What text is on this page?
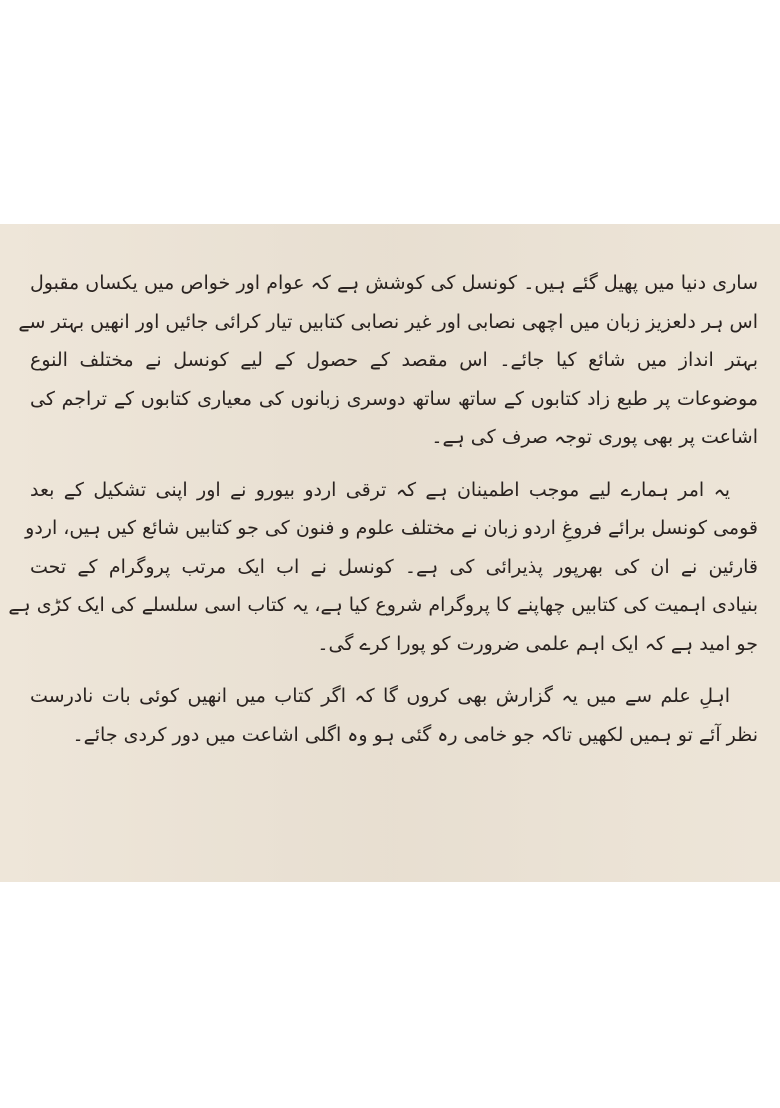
ساری دنیا میں پھیل گئے ہیں۔ کونسل کی کوشش ہے کہ عوام اور خواص میں یکساں مقبول
اس ہر دلعزیز زبان میں اچھی نصابی اور غیر نصابی کتابیں تیار کرائی جائیں اور انھیں بہتر سے
بہتر انداز میں شائع کیا جائے۔ اس مقصد کے حصول کے لیے کونسل نے مختلف النوع
موضوعات پر طبع زاد کتابوں کے ساتھ ساتھ دوسری زبانوں کی معیاری کتابوں کے تراجم کی
اشاعت پر بھی پوری توجہ صرف کی ہے۔

یہ امر ہمارے لیے موجب اطمینان ہے کہ ترقی اردو بیورو نے اور اپنی تشکیل کے بعد
قومی کونسل برائے فروغِ اردو زبان نے مختلف علوم و فنون کی جو کتابیں شائع کیں ہیں، اردو
قارئین نے ان کی بھرپور پذیرائی کی ہے۔ کونسل نے اب ایک مرتب پروگرام کے تحت
بنیادی اہمیت کی کتابیں چھاپنے کا پروگرام شروع کیا ہے، یہ کتاب اسی سلسلے کی ایک کڑی ہے
جو امید ہے کہ ایک اہم علمی ضرورت کو پورا کرے گی۔

اہلِ علم سے میں یہ گزارش بھی کروں گا کہ اگر کتاب میں انھیں کوئی بات نادرست
نظر آئے تو ہمیں لکھیں تاکہ جو خامی رہ گئی ہو وہ اگلی اشاعت میں دور کردی جائے۔
